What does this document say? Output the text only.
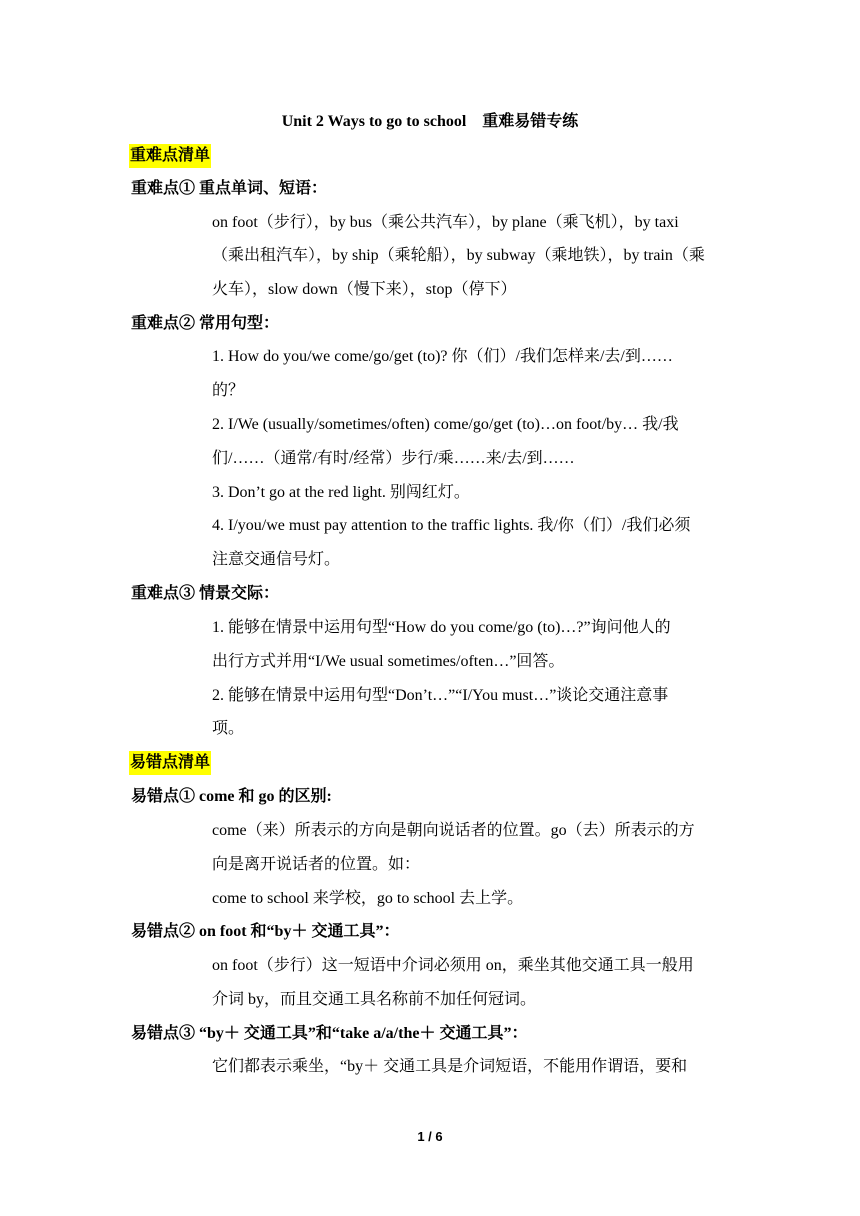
Unit 2 Ways to go to school　重难易错专练
重难点清单
重难点① 重点单词、短语：
on foot（步行），by bus（乘公共汽车），by plane（乘飞机），by taxi
（乘出租汽车），by ship（乘轮船），by subway（乘地铁），by train（乘
火车），slow down（慢下来），stop（停下）
重难点② 常用句型：
1. How do you/we come/go/get (to)? 你（们）/我们怎样来/去/到……
的？
2. I/We (usually/sometimes/often) come/go/get (to)…on foot/by… 我/我
们/……（通常/有时/经常）步行/乘……来/去/到……
3. Don’t go at the red light. 别闯红灯。
4. I/you/we must pay attention to the traffic lights. 我/你（们）/我们必须
注意交通信号灯。
重难点③ 情景交际：
1. 能够在情景中运用句型“How do you come/go (to)…?”询问他人的
出行方式并用“I/We usual sometimes/often…”回答。
2. 能够在情景中运用句型“Don’t…”“I/You must…”谈论交通注意事
项。
易错点清单
易错点① come 和 go 的区别:
come（来）所表示的方向是朝向说话者的位置。go（去）所表示的方
向是离开说话者的位置。如：
come to school 来学校，go to school 去上学。
易错点② on foot 和“by＋ 交通工具”：
on foot（步行）这一短语中介词必须用 on，乘坐其他交通工具一般用
介词 by，而且交通工具名称前不加任何冠词。
易错点③ “by＋ 交通工具”和“take a/a/the＋ 交通工具”：
它们都表示乘坐，“by＋ 交通工具是介词短语，不能用作谓语，要和
1 / 6
